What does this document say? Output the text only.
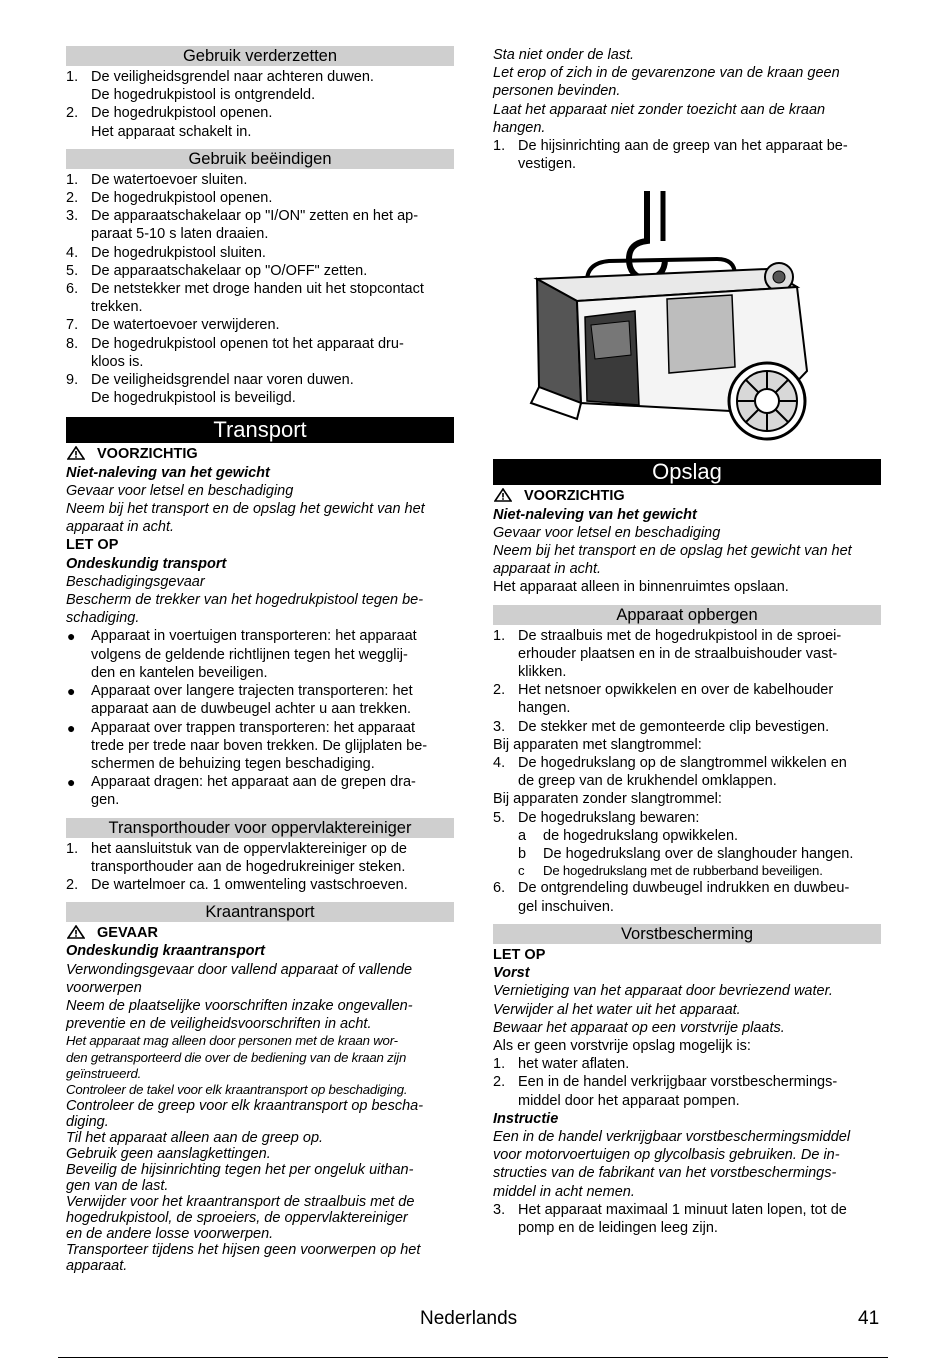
Gebruik verderzetten
1. De veiligheidsgrendel naar achteren duwen.
De hogedrukpistool is ontgrendeld.
2. De hogedrukpistool openen.
Het apparaat schakelt in.
Gebruik beëindigen
1. De watertoevoer sluiten.
2. De hogedrukpistool openen.
3. De apparaatschakelaar op "I/ON" zetten en het ap-
paraat 5-10 s laten draaien.
4. De hogedrukpistool sluiten.
5. De apparaatschakelaar op "O/OFF" zetten.
6. De netstekker met droge handen uit het stopcontact
trekken.
7. De watertoevoer verwijderen.
8. De hogedrukpistool openen tot het apparaat dru-
kloos is.
9. De veiligheidsgrendel naar voren duwen.
De hogedrukpistool is beveiligd.
Transport
VOORZICHTIG

Niet-naleving van het gewicht

Gevaar voor letsel en beschadiging
Neem bij het transport en de opslag het gewicht van het
apparaat in acht.

LET OP

Ondeskundig transport

Beschadigingsgevaar
Bescherm de trekker van het hogedrukpistool tegen be-
schadiging.
● Apparaat in voertuigen transporteren: het apparaat
volgens de geldende richtlijnen tegen het wegglij-
den en kantelen beveiligen.
● Apparaat over langere trajecten transporteren: het
apparaat aan de duwbeugel achter u aan trekken.
● Apparaat over trappen transporteren: het apparaat
trede per trede naar boven trekken. De glijplaten be-
schermen de behuizing tegen beschadiging.
● Apparaat dragen: het apparaat aan de grepen dra-
gen.
Transporthouder voor oppervlaktereiniger
1. het aansluitstuk van de oppervlaktereiniger op de
transporthouder aan de hogedrukreiniger steken.
2. De wartelmoer ca. 1 omwenteling vastschroeven.
Kraantransport
GEVAAR

Ondeskundig kraantransport

Verwondingsgevaar door vallend apparaat of vallende
voorwerpen
Neem de plaatselijke voorschriften inzake ongevallen-
preventie en de veiligheidsvoorschriften in acht.
Het apparaat mag alleen door personen met de kraan wor-
den getransporteerd die over de bediening van de kraan zijn
geïnstrueerd.
Controleer de takel voor elk kraantransport op beschadiging.
Controleer de greep voor elk kraantransport op bescha-
diging.
Til het apparaat alleen aan de greep op.
Gebruik geen aanslagkettingen.
Beveilig de hijsinrichting tegen het per ongeluk uithan-
gen van de last.
Verwijder voor het kraantransport de straalbuis met de
hogedrukpistool, de sproeiers, de oppervlaktereiniger
en de andere losse voorwerpen.
Transporteer tijdens het hijsen geen voorwerpen op het
apparaat.
Sta niet onder de last.
Let erop of zich in de gevarenzone van de kraan geen
personen bevinden.
Laat het apparaat niet zonder toezicht aan de kraan
hangen.
1. De hijsinrichting aan de greep van het apparaat be-
vestigen.
Opslag
VOORZICHTIG

Niet-naleving van het gewicht

Gevaar voor letsel en beschadiging
Neem bij het transport en de opslag het gewicht van het
apparaat in acht.

Het apparaat alleen in binnenruimtes opslaan.

Apparaat opbergen
1. De straalbuis met de hogedrukpistool in de sproei-
erhouder plaatsen en in de straalbuishouder vast-
klikken.
2. Het netsnoer opwikkelen en over de kabelhouder
hangen.
3. De stekker met de gemonteerde clip bevestigen.

Bij apparaten met slangtrommel:

4. De hogedrukslang op de slangtrommel wikkelen en
de greep van de krukhendel omklappen.

Bij apparaten zonder slangtrommel:

5. De hogedrukslang bewaren:
a de hogedrukslang opwikkelen.
b De hogedrukslang over de slanghouder hangen.
c De hogedrukslang met de rubberband beveiligen.
6. De ontgrendeling duwbeugel indrukken en duwbeu-
gel inschuiven.
Vorstbescherming

LET OP

Vorst

Vernietiging van het apparaat door bevriezend water.
Verwijder al het water uit het apparaat.
Bewaar het apparaat op een vorstvrije plaats.

Als er geen vorstvrije opslag mogelijk is:

1. het water aflaten.
2. Een in de handel verkrijgbaar vorstbeschermings-
middel door het apparaat pompen.

Instructie

Een in de handel verkrijgbaar vorstbeschermingsmiddel
voor motorvoertuigen op glycolbasis gebruiken. De in-
structies van de fabrikant van het vorstbeschermings-
middel in acht nemen.
3. Het apparaat maximaal 1 minuut laten lopen, tot de
pomp en de leidingen leeg zijn.
Nederlands	41
